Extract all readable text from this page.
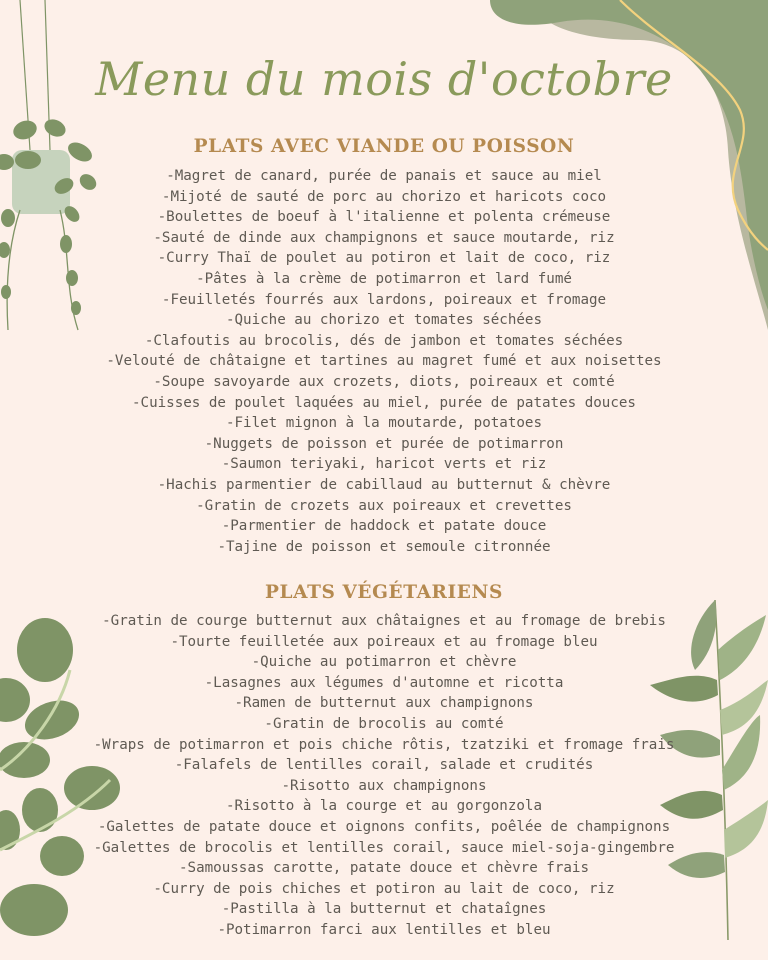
Menu du mois d'octobre
PLATS AVEC VIANDE OU POISSON
-Magret de canard, purée de panais et sauce au miel
-Mijoté de sauté de porc au chorizo et haricots coco
-Boulettes de boeuf à l'italienne et polenta crémeuse
-Sauté de dinde aux champignons et sauce moutarde, riz
-Curry Thaï de poulet au potiron et lait de coco, riz
-Pâtes à la crème de potimarron et lard fumé
-Feuilletés fourrés aux lardons, poireaux et fromage
-Quiche au chorizo et tomates séchées
-Clafoutis au brocolis, dés de jambon et tomates séchées
-Velouté de châtaigne et tartines au magret fumé et aux noisettes
-Soupe savoyarde aux crozets, diots, poireaux et comté
-Cuisses de poulet laquées au miel, purée de patates douces
-Filet mignon à la moutarde, potatoes
-Nuggets de poisson et purée de potimarron
-Saumon teriyaki, haricot verts et riz
-Hachis parmentier de cabillaud au butternut & chèvre
-Gratin de crozets aux poireaux et crevettes
-Parmentier de haddock et patate douce
-Tajine de poisson et semoule citronnée
PLATS VÉGÉTARIENS
-Gratin de courge butternut aux châtaignes et au fromage de brebis
-Tourte feuilletée aux poireaux et au fromage bleu
-Quiche au potimarron et chèvre
-Lasagnes aux légumes d'automne et ricotta
-Ramen de butternut aux champignons
-Gratin de brocolis au comté
-Wraps de potimarron et pois chiche rôtis, tzatziki et fromage frais
-Falafels de lentilles corail, salade et crudités
-Risotto aux champignons
-Risotto à la courge et au gorgonzola
-Galettes de patate douce et oignons confits, poêlée de champignons
-Galettes de brocolis et lentilles corail, sauce miel-soja-gingembre
-Samoussas carotte, patate douce et chèvre frais
-Curry de pois chiches et potiron au lait de coco, riz
-Pastilla à la butternut et chataîgnes
-Potimarron farci aux lentilles et bleu
